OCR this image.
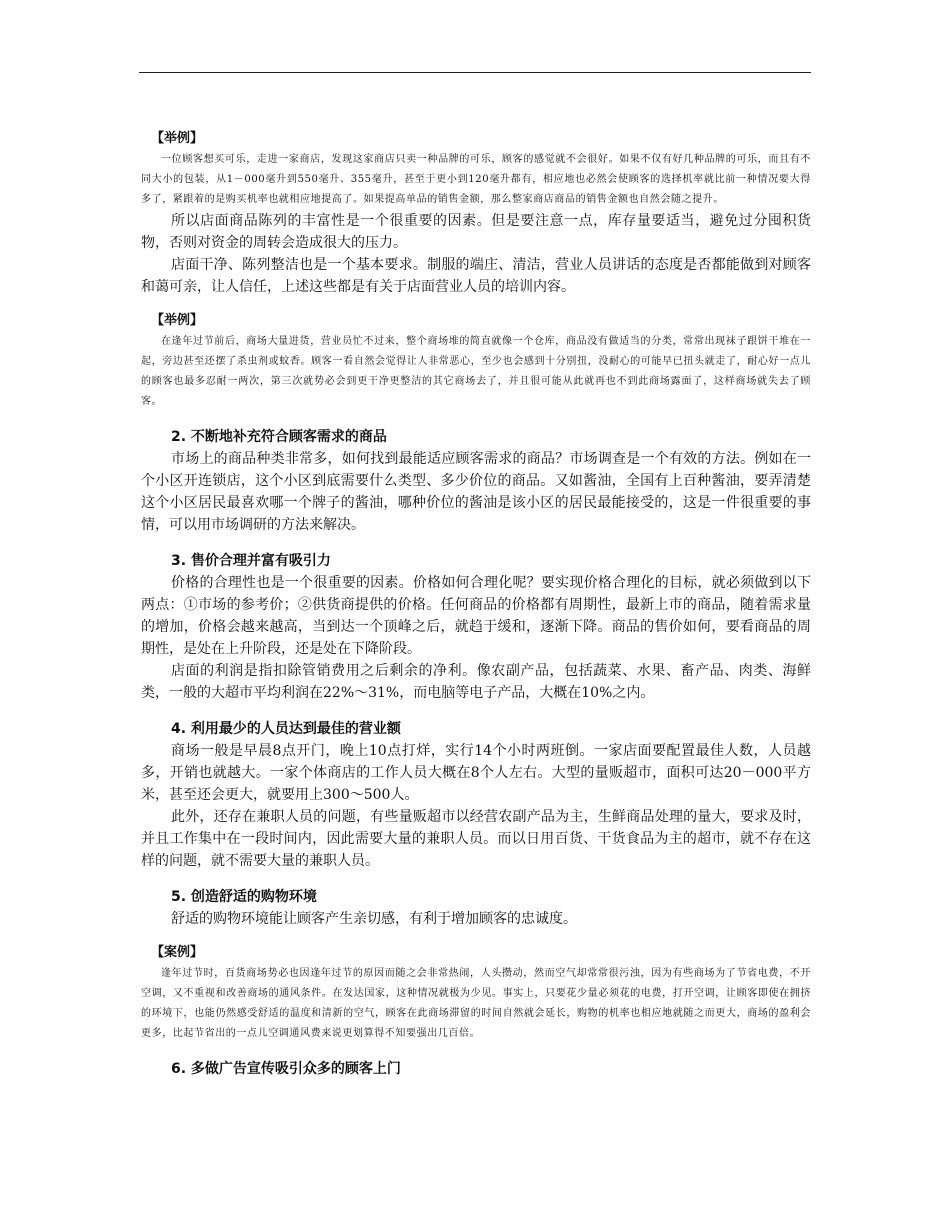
【举例】

一位顾客想买可乐，走进一家商店，发现这家商店只卖一种品牌的可乐，顾客的感觉就不会很好。如果不仅有好几种品牌的可乐，而且有不同大小的包装，从1－000毫升到550毫升、355毫升，甚至于更小到120毫升都有，相应地也必然会使顾客的选择机率就比前一种情况要大得多了，紧跟着的是购买机率也就相应地提高了。如果提高单品的销售金额，那么整家商店商品的销售金额也自然会随之提升。

所以店面商品陈列的丰富性是一个很重要的因素。但是要注意一点，库存量要适当，避免过分囤积货物，否则对资金的周转会造成很大的压力。

店面干净、陈列整洁也是一个基本要求。制服的端庄、清洁，营业人员讲话的态度是否都能做到对顾客和蔼可亲，让人信任，上述这些都是有关于店面营业人员的培训内容。

【举例】

在逢年过节前后，商场大量进货，营业员忙不过来，整个商场堆的简直就像一个仓库，商品没有做适当的分类，常常出现袜子跟饼干堆在一起，旁边甚至还摆了杀虫剂或蚊香。顾客一看自然会觉得让人非常恶心，至少也会感到十分别扭，没耐心的可能早已扭头就走了，耐心好一点儿的顾客也最多忍耐一两次，第三次就势必会到更干净更整洁的其它商场去了，并且很可能从此就再也不到此商场露面了，这样商场就失去了顾客。

2. 不断地补充符合顾客需求的商品

市场上的商品种类非常多，如何找到最能适应顾客需求的商品？市场调查是一个有效的方法。例如在一个小区开连锁店，这个小区到底需要什么类型、多少价位的商品。又如酱油，全国有上百种酱油，要弄清楚这个小区居民最喜欢哪一个牌子的酱油，哪种价位的酱油是该小区的居民最能接受的，这是一件很重要的事情，可以用市场调研的方法来解决。

3. 售价合理并富有吸引力

价格的合理性也是一个很重要的因素。价格如何合理化呢？要实现价格合理化的目标，就必须做到以下两点：①市场的参考价；②供货商提供的价格。任何商品的价格都有周期性，最新上市的商品，随着需求量的增加，价格会越来越高，当到达一个顶峰之后，就趋于缓和，逐渐下降。商品的售价如何，要看商品的周期性，是处在上升阶段，还是处在下降阶段。

店面的利润是指扣除管销费用之后剩余的净利。像农副产品，包括蔬菜、水果、畜产品、肉类、海鲜类，一般的大超市平均利润在22%～31%，而电脑等电子产品，大概在10%之内。

4. 利用最少的人员达到最佳的营业额

商场一般是早晨8点开门，晚上10点打烊，实行14个小时两班倒。一家店面要配置最佳人数，人员越多，开销也就越大。一家个体商店的工作人员大概在8个人左右。大型的量贩超市，面积可达20－000平方米，甚至还会更大，就要用上300～500人。

此外，还存在兼职人员的问题，有些量贩超市以经营农副产品为主，生鲜商品处理的量大，要求及时，并且工作集中在一段时间内，因此需要大量的兼职人员。而以日用百货、干货食品为主的超市，就不存在这样的问题，就不需要大量的兼职人员。

5. 创造舒适的购物环境

舒适的购物环境能让顾客产生亲切感，有利于增加顾客的忠诚度。

【案例】

逢年过节时，百货商场势必也因逢年过节的原因而随之会非常热闹，人头攒动，然而空气却常常很污浊，因为有些商场为了节省电费，不开空调，又不重视和改善商场的通风条件。在发达国家，这种情况就极为少见。事实上，只要花少量必须花的电费，打开空调，让顾客即使在拥挤的环境下，也能仍然感受舒适的温度和清新的空气，顾客在此商场滞留的时间自然就会延长，购物的机率也相应地就随之而更大，商场的盈利会更多，比起节省出的一点儿空调通风费来说更划算得不知要强出几百倍。

6. 多做广告宣传吸引众多的顾客上门
